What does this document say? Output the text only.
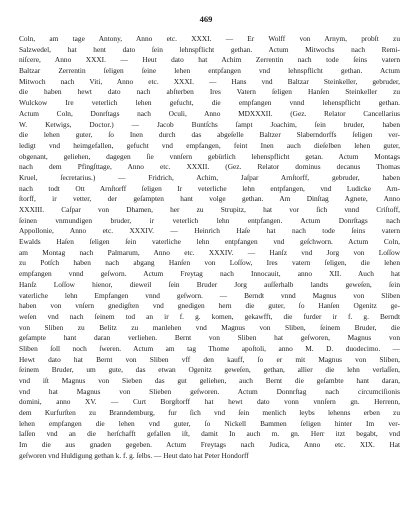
469
Coln, am tage Antony, Anno etc. XXXI. — Er Wolff von Arnym, probſt zu
Salzwedel, hat hent dato ſein lehnspflicht gethan. Actum Mitwochs nach Remi-
niſcere, Anno XXXI. — Heut dato hat Achim Zerrentin nach tode ſeins vatern
Baltzar Zerrentin ſeligen ſeine lehen entpfangen vnd lehnspflicht gethan. Actum
Mitwoch nach Viti, Anno etc. XXXI. — Hans vnd Baltzar Steinkeller, gebruder,
die haben hewt dato nach abſterben Ires Vatern ſeligen Hanſen Steinkeller zu
Wulckow Ire veterlich lehen gefucht, die empfangen vnnd lehenspflicht gethan.
Actum Coln, Donrſtags nach Oculi, Anno MDXXXII. (Gez. Relator Cancellarius
W. Ketwigs, Doctor.) — Jacob Buntſchs ſampt Joachim, ſein bruder, haben
die lehen guter, ſo Inen durch das abgeſelle Baltzer Slaberndorffs ſeligen ver-
ledigt vnd heimgefallen, gefucht vnd empfangen, feint Inen auch dieſelben lehen guter,
obgenant, geliehen, dagegen ſie vnnſern gebürlich lehenspflicht getan. Actum Montags
nach dem Pfingſttage, Anno etc. XXXII. (Gez. Relator dominus decanus Thomas
Kruel, ſecretarius.) — Fridrich, Achim, Jaſpar Arnſtorff, gebruder, haben
nach todt Ott Arnſtorff ſeligen Ir veterliche lehn entpfangen, vnd Ludicke Arn-
ſtorff, ir vetter, der geſampten hant volge gethan. Am Dinſtag Agnete, Anno
XXXIII. Caſpar von Dhamen, her zu Strupitz, hat vor ſich vnnd Criſtoff,
ſeinen vnmundigen bruder, ir veterlich lehn entpfangen. Actum Donrſtags nach
Appollonie, Anno etc. XXXIV. — Heinrich Haſe hat nach tode ſeins vatern
Ewalds Haſen ſeligen ſein vaterliche lehn entpfangen vnd geſchworn. Actum Coln,
am Montag nach Palmarum, Anno etc. XXXIV. — Hanſz vnd Jorg von Loſſow
zu Potſch haben nach abgang Hanſen von Loſſow, Ires vatern ſeligen, die lehen
empfangen vnnd geſworn. Actum Freytag nach Innocauit, anno XII. Auch hat
Hanſz Loſſow hienor, dieweil ſein Bruder Jorg auſſerhalb landts geweſen, ſein
vaterliche lehn Empfangen vnnd geſworn. — Berndt vnnd Magnus von Sliben
haben von vnſern gnedigſten vnd gnedigen hern die guter, ſo Hanſen Ogenitz ge-
weſen vnd nach ſeinem tod an ir f. g. komen, gekawfft, die furder ir f. g. Berndt
von Sliben zu Belitz zu manlehen vnd Magnus von Sliben, ſeinem Bruder, die
geſampte hant daran verliehen. Bernt von Sliben hat geſworen, Magnus von
Sliben ſoll noch ſweren. Actum am tag Thome apoſtoli, anno M. D. duodecimo. —
Hewt dato hat Bernt von Sliben vff den kauff, ſo er mit Magnus von Sliben,
ſeinem Bruder, um gute, das etwan Ogenitz geweſen, gethan, allier die lehn verlaſſen,
vnd iſt Magnus von Sieben das gut geliehen, auch Bernt die geſambte hant daran,
vnd hat Magnus von Slieben geſworen. Actum Donnrſtag nach circumciſionis
domini, anno XV. — Curt Borgſtorff hat hewt dato vonn vnnſern gn. Herrenn,
dem Kurfurſten zu Branndemburg, fur ſich vnd ſein menlich leybs lehenns erben zu
lehen empfangen die lehen vnd guter, ſo Nickell Bammen ſeligen hinter Im ver-
laſſen vnd an die herſchafft gefallen iſt, damit In auch m. gn. Herr itzt begabt, vnd
Im die aus gnaden gegeben. Actum Freytags nach Judica, Anno etc. XIX. Hat
geſworen vnd Huldigung gethan k. f. g. ſelbs. — Heut dato hat Peter Hondorff
